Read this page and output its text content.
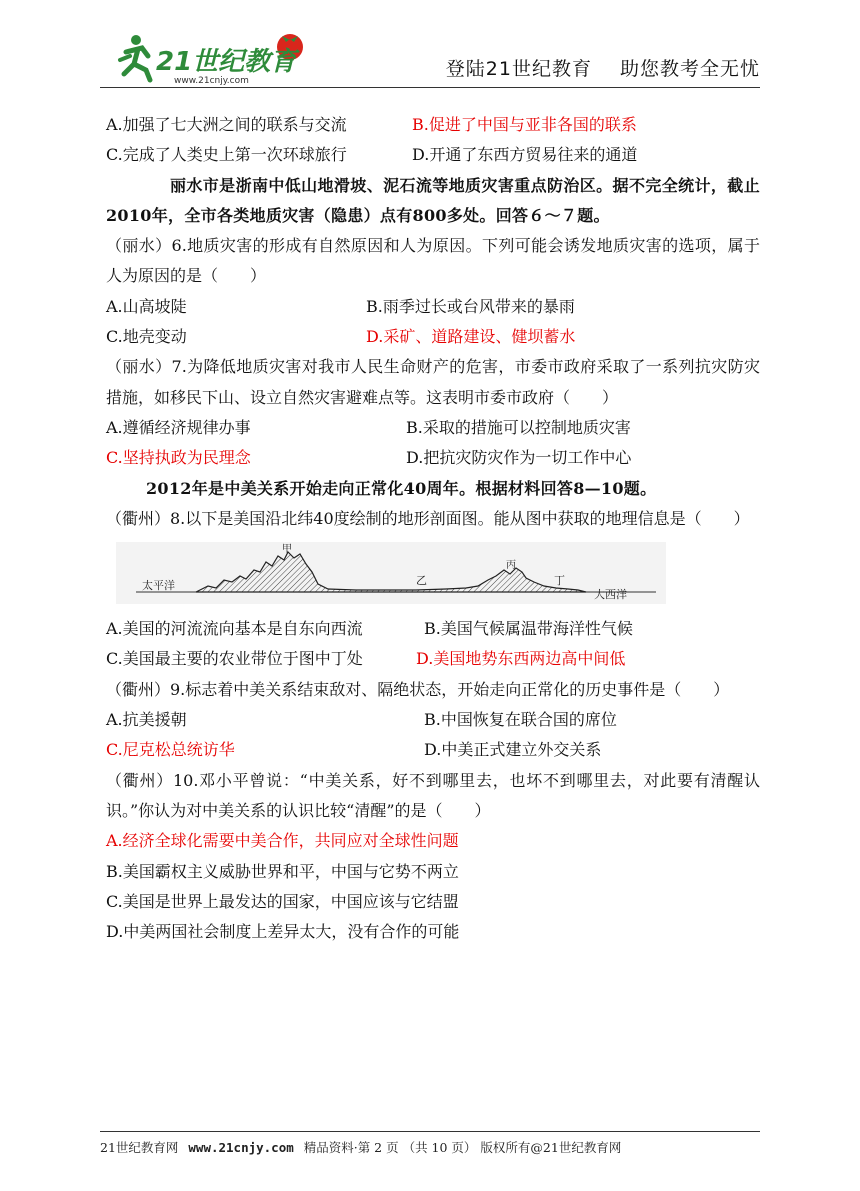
21世纪教育
www.21cnjy.com
登陆21世纪教育 助您教考全无忧
A.加强了七大洲之间的联系与交流	B.促进了中国与亚非各国的联系
C.完成了人类史上第一次环球旅行	D.开通了东西方贸易往来的通道
丽水市是浙南中低山地滑坡、泥石流等地质灾害重点防治区。据不完全统计，截止2010年，全市各类地质灾害（隐患）点有800多处。回答６～７题。
（丽水）6.地质灾害的形成有自然原因和人为原因。下列可能会诱发地质灾害的选项，属于人为原因的是（　　）
A.山高坡陡	B.雨季过长或台风带来的暴雨
C.地壳变动	D.采矿、道路建设、健坝蓄水
（丽水）7.为降低地质灾害对我市人民生命财产的危害，市委市政府采取了一系列抗灾防灾措施，如移民下山、设立自然灾害避难点等。这表明市委市政府（　　）
A.遵循经济规律办事	B.采取的措施可以控制地质灾害
C.坚持执政为民理念	D.把抗灾防灾作为一切工作中心
2012年是中美关系开始走向正常化40周年。根据材料回答8—10题。
（衢州）8.以下是美国沿北纬40度绘制的地形剖面图。能从图中获取的地理信息是（　　）
太平洋
大西洋
甲
乙
丙
丁
A.美国的河流流向基本是自东向西流	B.美国气候属温带海洋性气候
C.美国最主要的农业带位于图中丁处	D.美国地势东西两边高中间低
（衢州）9.标志着中美关系结束敌对、隔绝状态，开始走向正常化的历史事件是（　　）
A.抗美援朝	B.中国恢复在联合国的席位
C.尼克松总统访华	D.中美正式建立外交关系
（衢州）10.邓小平曾说：“中美关系，好不到哪里去，也坏不到哪里去，对此要有清醒认识。”你认为对中美关系的认识比较“清醒”的是（　　）
A.经济全球化需要中美合作，共同应对全球性问题
B.美国霸权主义威胁世界和平，中国与它势不两立
C.美国是世界上最发达的国家，中国应该与它结盟
D.中美两国社会制度上差异太大，没有合作的可能
21世纪教育网 www.21cnjy.com 精品资料·第 2 页 （共 10 页） 版权所有@21世纪教育网
